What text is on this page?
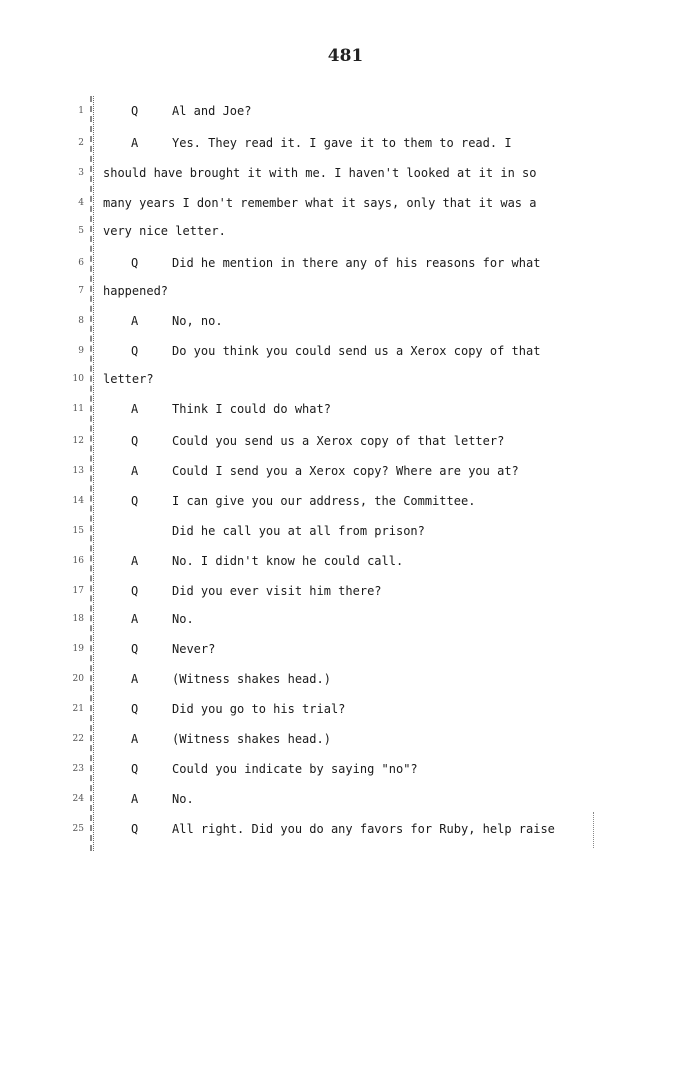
481
1	Q	Al and Joe?
2	A	Yes. They read it. I gave it to them to read. I
3 should have brought it with me. I haven't looked at it in so
4 many years I don't remember what it says, only that it was a
5 very nice letter.
6	Q	Did he mention in there any of his reasons for what
7 happened?
8	A	No, no.
9	Q	Do you think you could send us a Xerox copy of that
10 letter?
11	A	Think I could do what?
12	Q	Could you send us a Xerox copy of that letter?
13	A	Could I send you a Xerox copy? Where are you at?
14	Q	I can give you our address, the Committee.
15	Did he call you at all from prison?
16	A	No. I didn't know he could call.
17	Q	Did you ever visit him there?
18	A	No.
19	Q	Never?
20	A	(Witness shakes head.)
21	Q	Did you go to his trial?
22	A	(Witness shakes head.)
23	Q	Could you indicate by saying "no"?
24	A	No.
25	Q	All right. Did you do any favors for Ruby, help raise
